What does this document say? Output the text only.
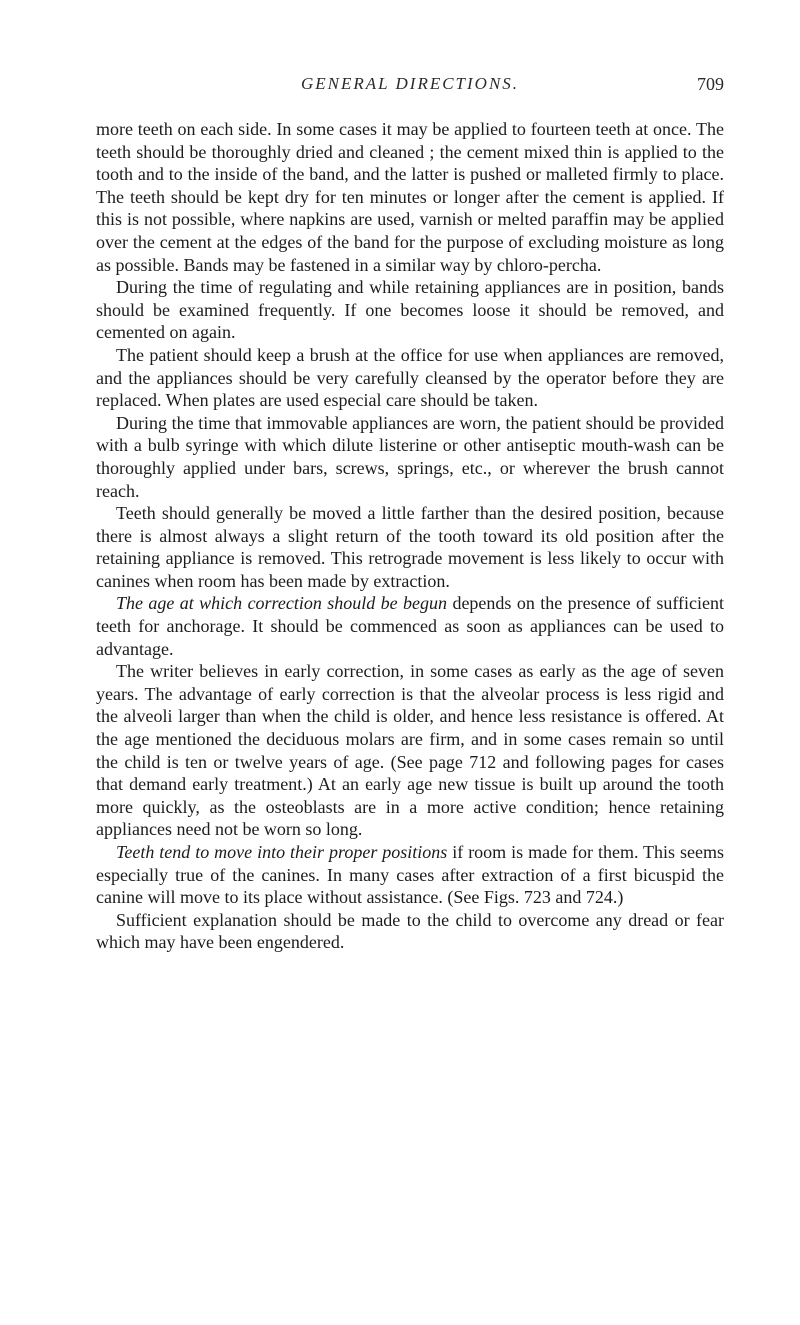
GENERAL DIRECTIONS.	709

more teeth on each side. In some cases it may be applied to fourteen teeth at once. The teeth should be thoroughly dried and cleaned ; the cement mixed thin is applied to the tooth and to the inside of the band, and the latter is pushed or malleted firmly to place. The teeth should be kept dry for ten minutes or longer after the cement is applied. If this is not possible, where napkins are used, varnish or melted paraffin may be applied over the cement at the edges of the band for the purpose of excluding moisture as long as possible. Bands may be fastened in a similar way by chloro-percha.

During the time of regulating and while retaining appliances are in position, bands should be examined frequently. If one becomes loose it should be removed, and cemented on again.

The patient should keep a brush at the office for use when appliances are removed, and the appliances should be very carefully cleansed by the operator before they are replaced. When plates are used especial care should be taken.

During the time that immovable appliances are worn, the patient should be provided with a bulb syringe with which dilute listerine or other antiseptic mouth-wash can be thoroughly applied under bars, screws, springs, etc., or wherever the brush cannot reach.

Teeth should generally be moved a little farther than the desired position, because there is almost always a slight return of the tooth toward its old position after the retaining appliance is removed. This retrograde movement is less likely to occur with canines when room has been made by extraction.

The age at which correction should be begun depends on the presence of sufficient teeth for anchorage. It should be commenced as soon as appliances can be used to advantage.

The writer believes in early correction, in some cases as early as the age of seven years. The advantage of early correction is that the alveolar process is less rigid and the alveoli larger than when the child is older, and hence less resistance is offered. At the age mentioned the deciduous molars are firm, and in some cases remain so until the child is ten or twelve years of age. (See page 712 and following pages for cases that demand early treatment.) At an early age new tissue is built up around the tooth more quickly, as the osteoblasts are in a more active condition; hence retaining appliances need not be worn so long.

Teeth tend to move into their proper positions if room is made for them. This seems especially true of the canines. In many cases after extraction of a first bicuspid the canine will move to its place without assistance. (See Figs. 723 and 724.)

Sufficient explanation should be made to the child to overcome any dread or fear which may have been engendered.
